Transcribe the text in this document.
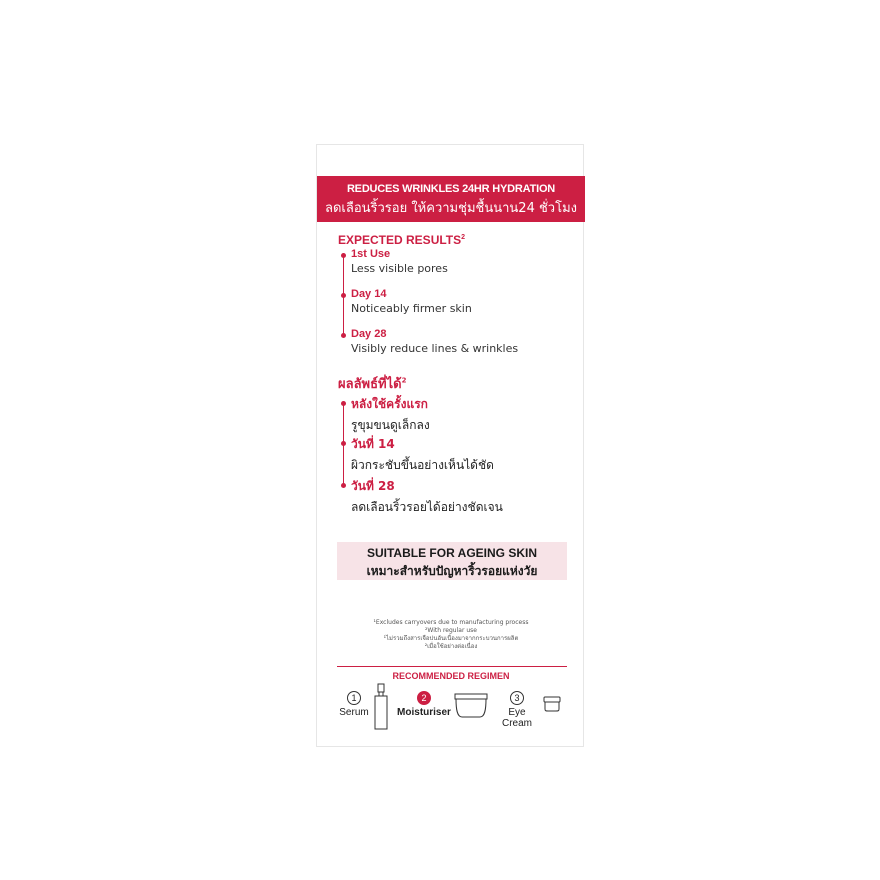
REDUCES WRINKLES 24HR HYDRATION
ลดเลือนริ้วรอย ให้ความชุ่มชื้นนาน24 ชั่วโมง
EXPECTED RESULTS$^2$
1st Use
Less visible pores
Day 14
Noticeably firmer skin
Day 28
Visibly reduce lines & wrinkles
ผลลัพธ์ที่ได้$^2$
หลังใช้ครั้งแรก
รูขุมขนดูเล็กลง
วันที่ 14
ผิวกระชับขึ้นอย่างเห็นได้ชัด
วันที่ 28
ลดเลือนริ้วรอยได้อย่างชัดเจน
SUITABLE FOR AGEING SKIN
เหมาะสำหรับปัญหาริ้วรอยแห่งวัย
¹Excludes carryovers due to manufacturing process
²With regular use
¹ไม่รวมถึงสารเจือปนอันเนื่องมาจากกระบวนการผลิต
²เมื่อใช้อย่างต่อเนื่อง
RECOMMENDED REGIMEN
1
Serum
2
Moisturiser
3
Eye Cream
